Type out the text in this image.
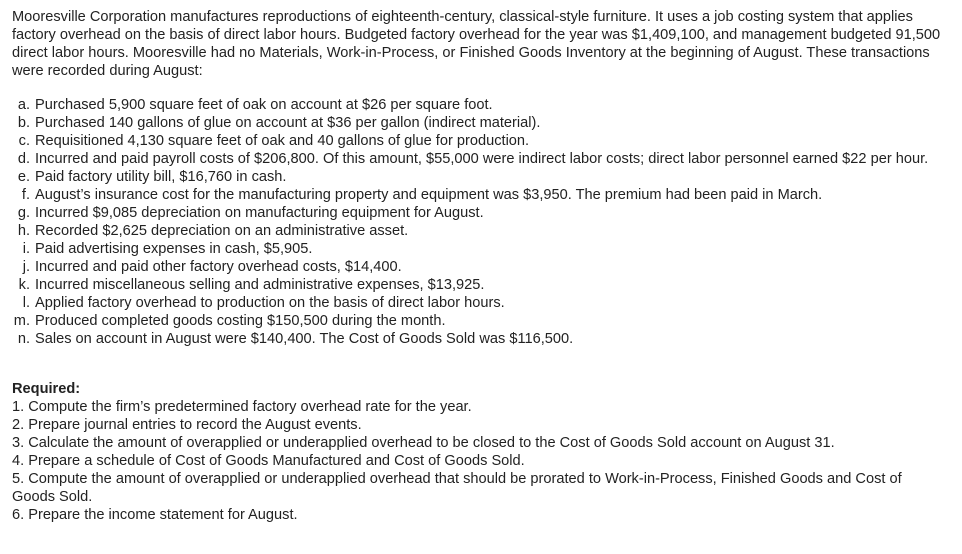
Mooresville Corporation manufactures reproductions of eighteenth-century, classical-style furniture. It uses a job costing system that applies factory overhead on the basis of direct labor hours. Budgeted factory overhead for the year was $1,409,100, and management budgeted 91,500 direct labor hours. Mooresville had no Materials, Work-in-Process, or Finished Goods Inventory at the beginning of August. These transactions were recorded during August:

a. Purchased 5,900 square feet of oak on account at $26 per square foot.
b. Purchased 140 gallons of glue on account at $36 per gallon (indirect material).
c. Requisitioned 4,130 square feet of oak and 40 gallons of glue for production.
d. Incurred and paid payroll costs of $206,800. Of this amount, $55,000 were indirect labor costs; direct labor personnel earned $22 per hour.
e. Paid factory utility bill, $16,760 in cash.
f. August’s insurance cost for the manufacturing property and equipment was $3,950. The premium had been paid in March.
g. Incurred $9,085 depreciation on manufacturing equipment for August.
h. Recorded $2,625 depreciation on an administrative asset.
i. Paid advertising expenses in cash, $5,905.
j. Incurred and paid other factory overhead costs, $14,400.
k. Incurred miscellaneous selling and administrative expenses, $13,925.
l. Applied factory overhead to production on the basis of direct labor hours.
m. Produced completed goods costing $150,500 during the month.
n. Sales on account in August were $140,400. The Cost of Goods Sold was $116,500.

Required:

1. Compute the firm’s predetermined factory overhead rate for the year.
2. Prepare journal entries to record the August events.
3. Calculate the amount of overapplied or underapplied overhead to be closed to the Cost of Goods Sold account on August 31.
4. Prepare a schedule of Cost of Goods Manufactured and Cost of Goods Sold.
5. Compute the amount of overapplied or underapplied overhead that should be prorated to Work-in-Process, Finished Goods and Cost of Goods Sold.
6. Prepare the income statement for August.
